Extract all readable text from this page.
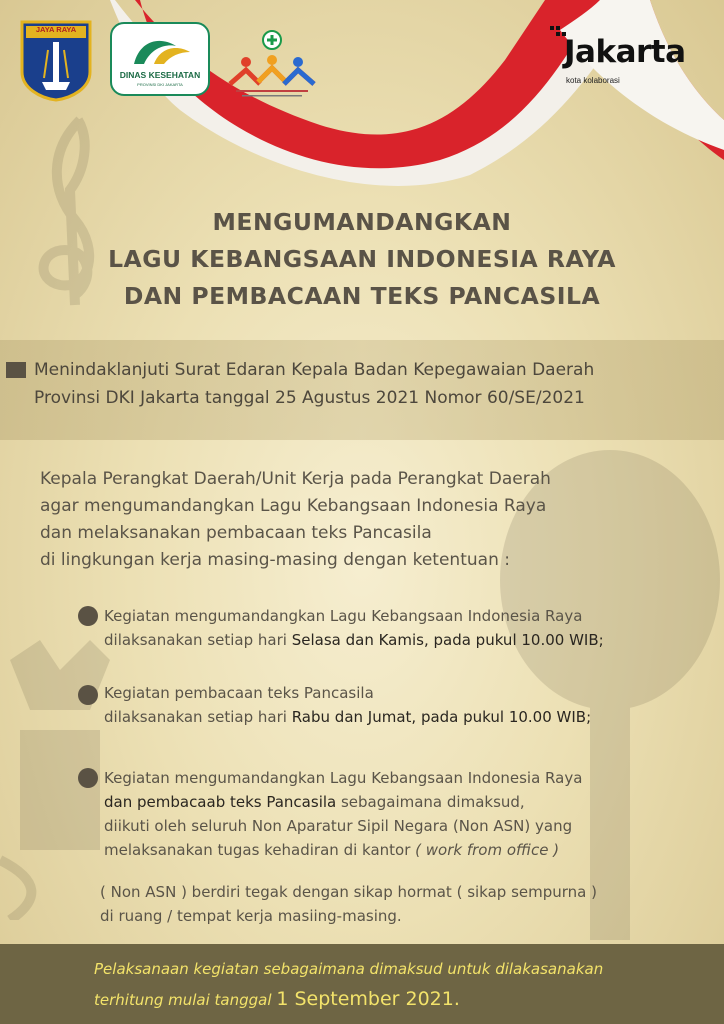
JAYA RAYA
DINAS KESEHATAN
PROVINSI DKI JAKARTA
Jakarta
kota kolaborasi
MENGUMANDANGKAN
LAGU KEBANGSAAN INDONESIA RAYA
DAN PEMBACAAN TEKS PANCASILA
Menindaklanjuti Surat Edaran Kepala Badan Kepegawaian Daerah
Provinsi DKI Jakarta tanggal 25 Agustus 2021 Nomor 60/SE/2021
Kepala Perangkat Daerah/Unit Kerja pada Perangkat Daerah
agar mengumandangkan Lagu Kebangsaan Indonesia Raya
dan melaksanakan pembacaan teks Pancasila
di lingkungan kerja masing-masing dengan ketentuan :
Kegiatan mengumandangkan Lagu Kebangsaan Indonesia Raya
dilaksanakan setiap hari Selasa dan Kamis, pada pukul 10.00 WIB;
Kegiatan pembacaan teks Pancasila
dilaksanakan setiap hari Rabu dan Jumat, pada pukul 10.00 WIB;
Kegiatan mengumandangkan Lagu Kebangsaan Indonesia Raya
dan pembacaab teks Pancasila sebagaimana dimaksud,
diikuti oleh seluruh Non Aparatur Sipil Negara (Non ASN) yang
melaksanakan tugas kehadiran di kantor ( work from office )
( Non ASN ) berdiri tegak dengan sikap hormat ( sikap sempurna )
di ruang / tempat kerja masiing-masing.
Pelaksanaan kegiatan sebagaimana dimaksud untuk dilakasanakan
terhitung mulai tanggal 1 September 2021.
